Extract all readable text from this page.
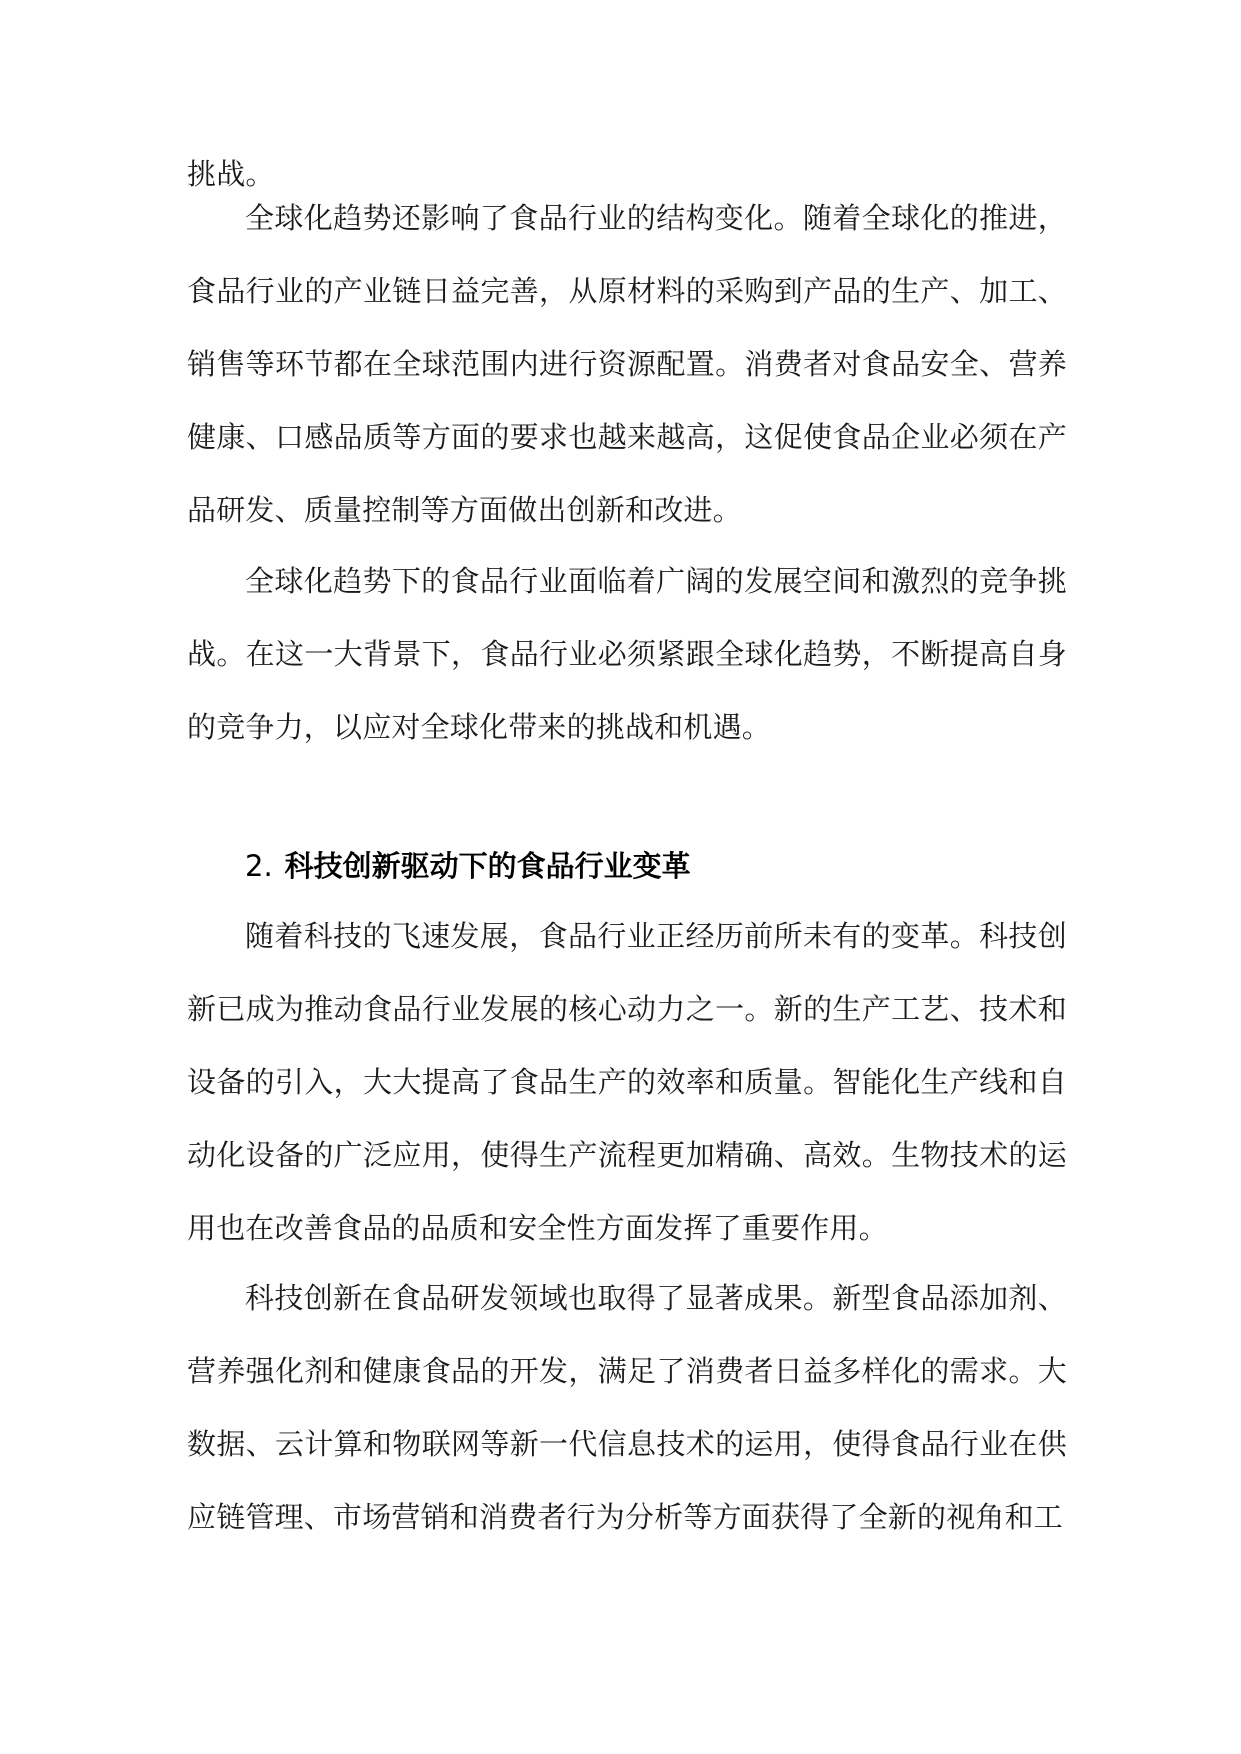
挑战。

全球化趋势还影响了食品行业的结构变化。随着全球化的推进，食品行业的产业链日益完善，从原材料的采购到产品的生产、加工、销售等环节都在全球范围内进行资源配置。消费者对食品安全、营养健康、口感品质等方面的要求也越来越高，这促使食品企业必须在产品研发、质量控制等方面做出创新和改进。

全球化趋势下的食品行业面临着广阔的发展空间和激烈的竞争挑战。在这一大背景下，食品行业必须紧跟全球化趋势，不断提高自身的竞争力，以应对全球化带来的挑战和机遇。

2. 科技创新驱动下的食品行业变革

随着科技的飞速发展，食品行业正经历前所未有的变革。科技创新已成为推动食品行业发展的核心动力之一。新的生产工艺、技术和设备的引入，大大提高了食品生产的效率和质量。智能化生产线和自动化设备的广泛应用，使得生产流程更加精确、高效。生物技术的运用也在改善食品的品质和安全性方面发挥了重要作用。

科技创新在食品研发领域也取得了显著成果。新型食品添加剂、营养强化剂和健康食品的开发，满足了消费者日益多样化的需求。大数据、云计算和物联网等新一代信息技术的运用，使得食品行业在供应链管理、市场营销和消费者行为分析等方面获得了全新的视角和工
